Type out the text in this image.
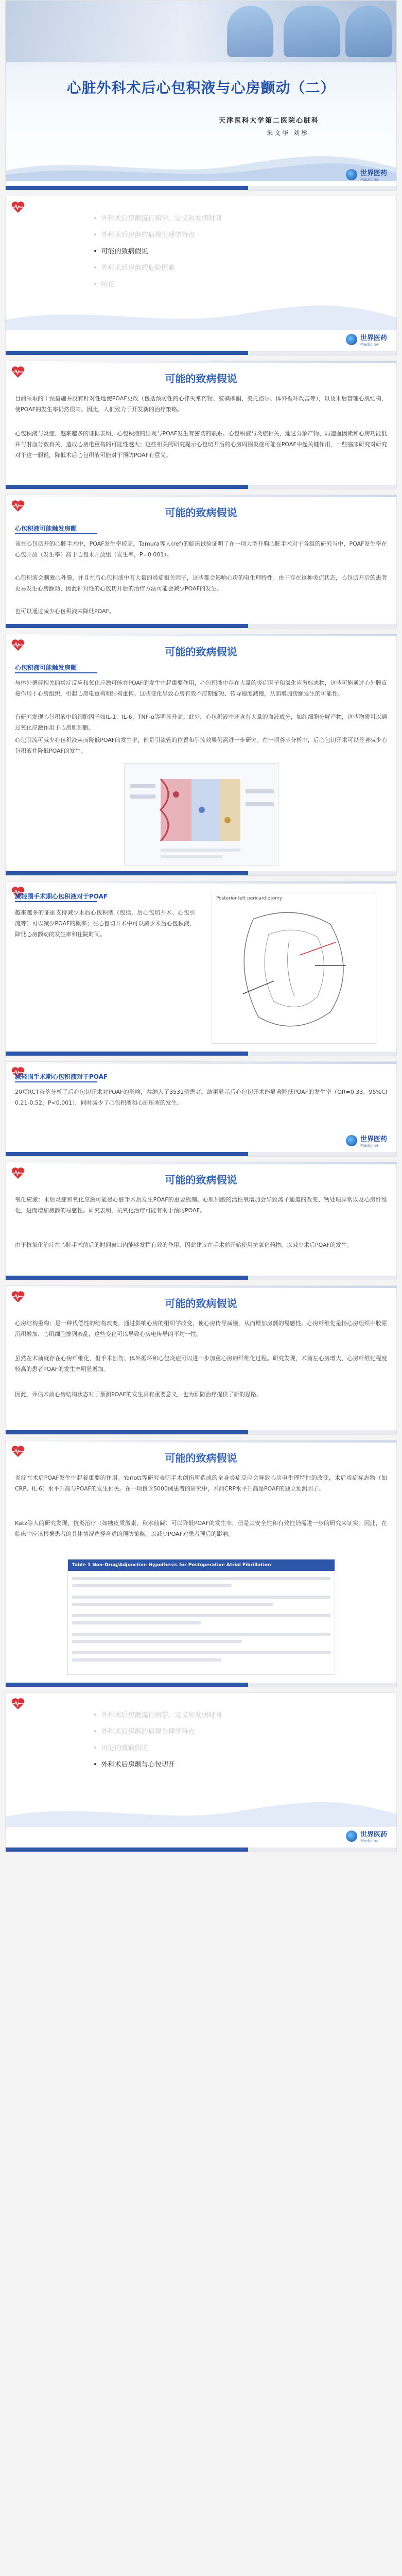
心脏外科术后心包积液与心房颤动（二）
天津医科大学第二医院心脏科
朱文华 刘彤
世界医药
Medicine
• 外科术后房颤流行病学、定义和发病时间
• 外科术后房颤的病理生理学特点
• 可能的致病假说
• 外科术后房颤的危险因素
• 结论
世界医药
Medicine
可能的致病假说
目前采取的干预措施并没有针对性地使POAF更改（包括预防性的心律失常药物、胺碘碘酮、美托洛尔、体外循环改善等），以及术后管理心肌结构，使POAF的发生率仍然很高。因此，人们致力于开发新的治疗策略。
心包积液与炎症、越来越多的证据表明，心包积液的出现与POAF发生有密切的联系。心包积液与炎症相关，通过分解产物、局造血因素和心房功能低并与射血分数有关，造成心房电重构的可能性越大；这些相关的研究提示心包切开后的心房周围炎症可能在POAF中起关键作用，一些临床研究对研究对于这一假说，降低术后心包积液可能对于预防POAF有意义。
可能的致病假说
心包积液可能触发房颤
该在心包切开的心脏手术中，POAF发生率较高，Tamura等人(ref)的临床试验证明了在一项大型开胸心脏手术对于各组的研究当中，POAF发生率在心包开放（发生率）高于心包未开放组（发生率，P=0.001）。
心包积液会刺激心外膜，并且在后心包积液中有大量的炎症相关因子，这些都会影响心房的电生理特性。由于存在这种炎症状态，心包切开后的患者更易发生心房颤动，因此针对性的心包切开后的治疗方法可能会减少POAF的发生。
也可以通过减少心包积液来降低POAF。
可能的致病假说
心包积液可能触发房颤
与体外循环相关的炎症反应和氧化应激可能在POAF的发生中起重要作用，心包积液中存在大量的炎症因子和氧化应激标志物，这些可能通过心外膜直接作用于心房组织，引起心房电重构和结构重构。这些变化导致心房有效不应期缩短、传导速度减慢，从而增加房颤发生的可能性。
有研究发现心包积液中的细胞因子如IL-1、IL-6、TNF-α等明显升高。此外，心包积液中还含有大量的血液成分，如红细胞分解产物，这些物质可以通过氧化应激作用于心房肌细胞。
心包引流可减少心包积液从而降低POAF的发生率，但是引流管的位置和引流效果仍需进一步研究。在一项荟萃分析中，后心包切开术可以显著减少心包积液并降低POAF的发生。
减轻围手术期心包积液对于POAF
越来越多的证据支持减少术后心包积液（包括，后心包切开术、心包引流等）可以减少POAF的概率；在心包切开术中可以减少术后心包积液，降低心房颤动的发生率和住院时间。
Posterior left pericardiotomy
减轻围手术期心包积液对于POAF
20项RCT荟萃分析了后心包切开术对POAF的影响，共纳入了3531例患者。结果显示后心包切开术能显著降低POAF的发生率（OR=0.33，95%CI 0.21-0.52，P<0.001），同时减少了心包积液和心脏压塞的发生。
世界医药
Medicine
可能的致病假说
氧化应激：术后炎症和氧化应激可能是心脏手术后发生POAF的重要机制。心肌细胞的活性氧增加会导致离子通道的改变、钙处理异常以及心房纤维化，进而增加房颤的易感性。研究表明，抗氧化治疗可能有助于预防POAF。
由于抗氧化治疗在心脏手术前后的时间窗口内能够发挥有效的作用，因此建议在手术前开始使用抗氧化药物，以减少术后POAF的发生。
可能的致病假说
心房结构重构：是一种代偿性的结构改变，通过影响心房的组织学改变，使心房传导减慢，从而增加房颤的易感性。心房纤维化是指心房组织中胶原沉积增加、心肌细胞排列紊乱，这些变化可以导致心房电传导的不均一性。
虽然在术前就存在心房纤维化，但手术创伤、体外循环和心包炎症可以进一步加重心房的纤维化过程。研究发现，术前左心房增大、心房纤维化程度较高的患者POAF的发生率明显增加。
因此，评估术前心房结构状态对于预测POAF的发生具有重要意义，也为预防治疗提供了新的思路。
可能的致病假说
炎症在术后POAF发生中起着重要的作用。Yarlott等研究表明手术创伤所造成的全身炎症反应会导致心房电生理特性的改变，术后炎症标志物（如CRP、IL-6）水平升高与POAF的发生相关。在一项包含5000例患者的研究中，术前CRP水平升高是POAF的独立预测因子。
Katz等人的研究发现，抗炎治疗（如糖皮质激素、秋水仙碱）可以降低POAF的发生率，但是其安全性和有效性仍需进一步的研究来证实。因此，在临床中应该根据患者的具体情况选择合适的预防策略，以减少POAF对患者预后的影响。
Table 1 Non-Drug/Adjunctive Hypothesis for Postoperative Atrial Fibrillation
• 外科术后房颤流行病学、定义和发病时间
• 外科术后房颤的病理生理学特点
• 可能的致病假说
• 外科术后房颤与心包切开
世界医药
Medicine
